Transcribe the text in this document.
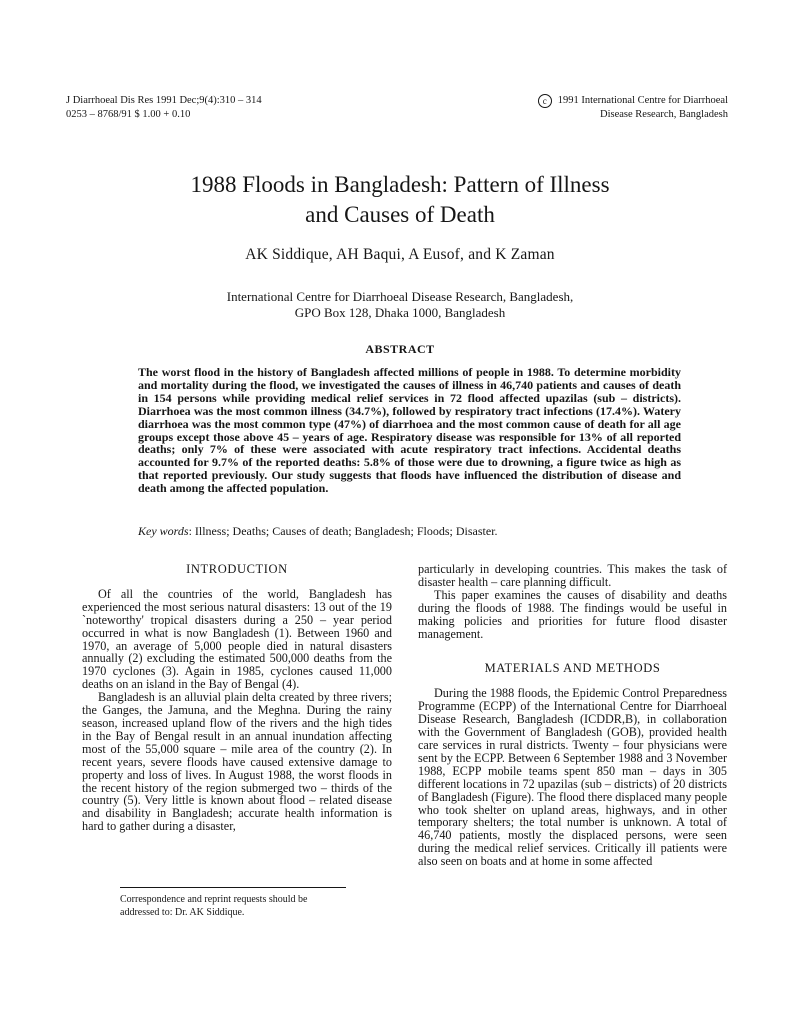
J Diarrhoeal Dis Res 1991 Dec;9(4):310 – 314
0253 – 8768/91 $ 1.00 + 0.10
c 1991 International Centre for Diarrhoeal
Disease Research, Bangladesh
1988 Floods in Bangladesh: Pattern of Illness
and Causes of Death
AK Siddique, AH Baqui, A Eusof, and K Zaman
International Centre for Diarrhoeal Disease Research, Bangladesh,
GPO Box 128, Dhaka 1000, Bangladesh
ABSTRACT
The worst flood in the history of Bangladesh affected millions of people in 1988. To determine morbidity and mortality during the flood, we investigated the causes of illness in 46,740 patients and causes of death in 154 persons while providing medical relief services in 72 flood affected upazilas (sub – districts). Diarrhoea was the most common illness (34.7%), followed by respiratory tract infections (17.4%). Watery diarrhoea was the most common type (47%) of diarrhoea and the most common cause of death for all age groups except those above 45 – years of age. Respiratory disease was responsible for 13% of all reported deaths; only 7% of these were associated with acute respiratory tract infections. Accidental deaths accounted for 9.7% of the reported deaths: 5.8% of those were due to drowning, a figure twice as high as that reported previously. Our study suggests that floods have influenced the distribution of disease and death among the affected population.
Key words: Illness; Deaths; Causes of death; Bangladesh; Floods; Disaster.
INTRODUCTION

Of all the countries of the world, Bangladesh has experienced the most serious natural disasters: 13 out of the 19 `noteworthy' tropical disasters during a 250 – year period occurred in what is now Bangladesh (1). Between 1960 and 1970, an average of 5,000 people died in natural disasters annually (2) excluding the estimated 500,000 deaths from the 1970 cyclones (3). Again in 1985, cyclones caused 11,000 deaths on an island in the Bay of Bengal (4).

Bangladesh is an alluvial plain delta created by three rivers; the Ganges, the Jamuna, and the Meghna. During the rainy season, increased upland flow of the rivers and the high tides in the Bay of Bengal result in an annual inundation affecting most of the 55,000 square – mile area of the country (2). In recent years, severe floods have caused extensive damage to property and loss of lives. In August 1988, the worst floods in the recent history of the region submerged two – thirds of the country (5). Very little is known about flood – related disease and disability in Bangladesh; accurate health information is hard to gather during a disaster,

particularly in developing countries. This makes the task of disaster health – care planning difficult.

This paper examines the causes of disability and deaths during the floods of 1988. The findings would be useful in making policies and priorities for future flood disaster management.

MATERIALS AND METHODS

During the 1988 floods, the Epidemic Control Preparedness Programme (ECPP) of the International Centre for Diarrhoeal Disease Research, Bangladesh (ICDDR,B), in collaboration with the Government of Bangladesh (GOB), provided health care services in rural districts. Twenty – four physicians were sent by the ECPP. Between 6 September 1988 and 3 November 1988, ECPP mobile teams spent 850 man – days in 305 different locations in 72 upazilas (sub – districts) of 20 districts of Bangladesh (Figure). The flood there displaced many people who took shelter on upland areas, highways, and in other temporary shelters; the total number is unknown. A total of 46,740 patients, mostly the displaced persons, were seen during the medical relief services. Critically ill patients were also seen on boats and at home in some affected

Correspondence and reprint requests should be
addressed to: Dr. AK Siddique.
